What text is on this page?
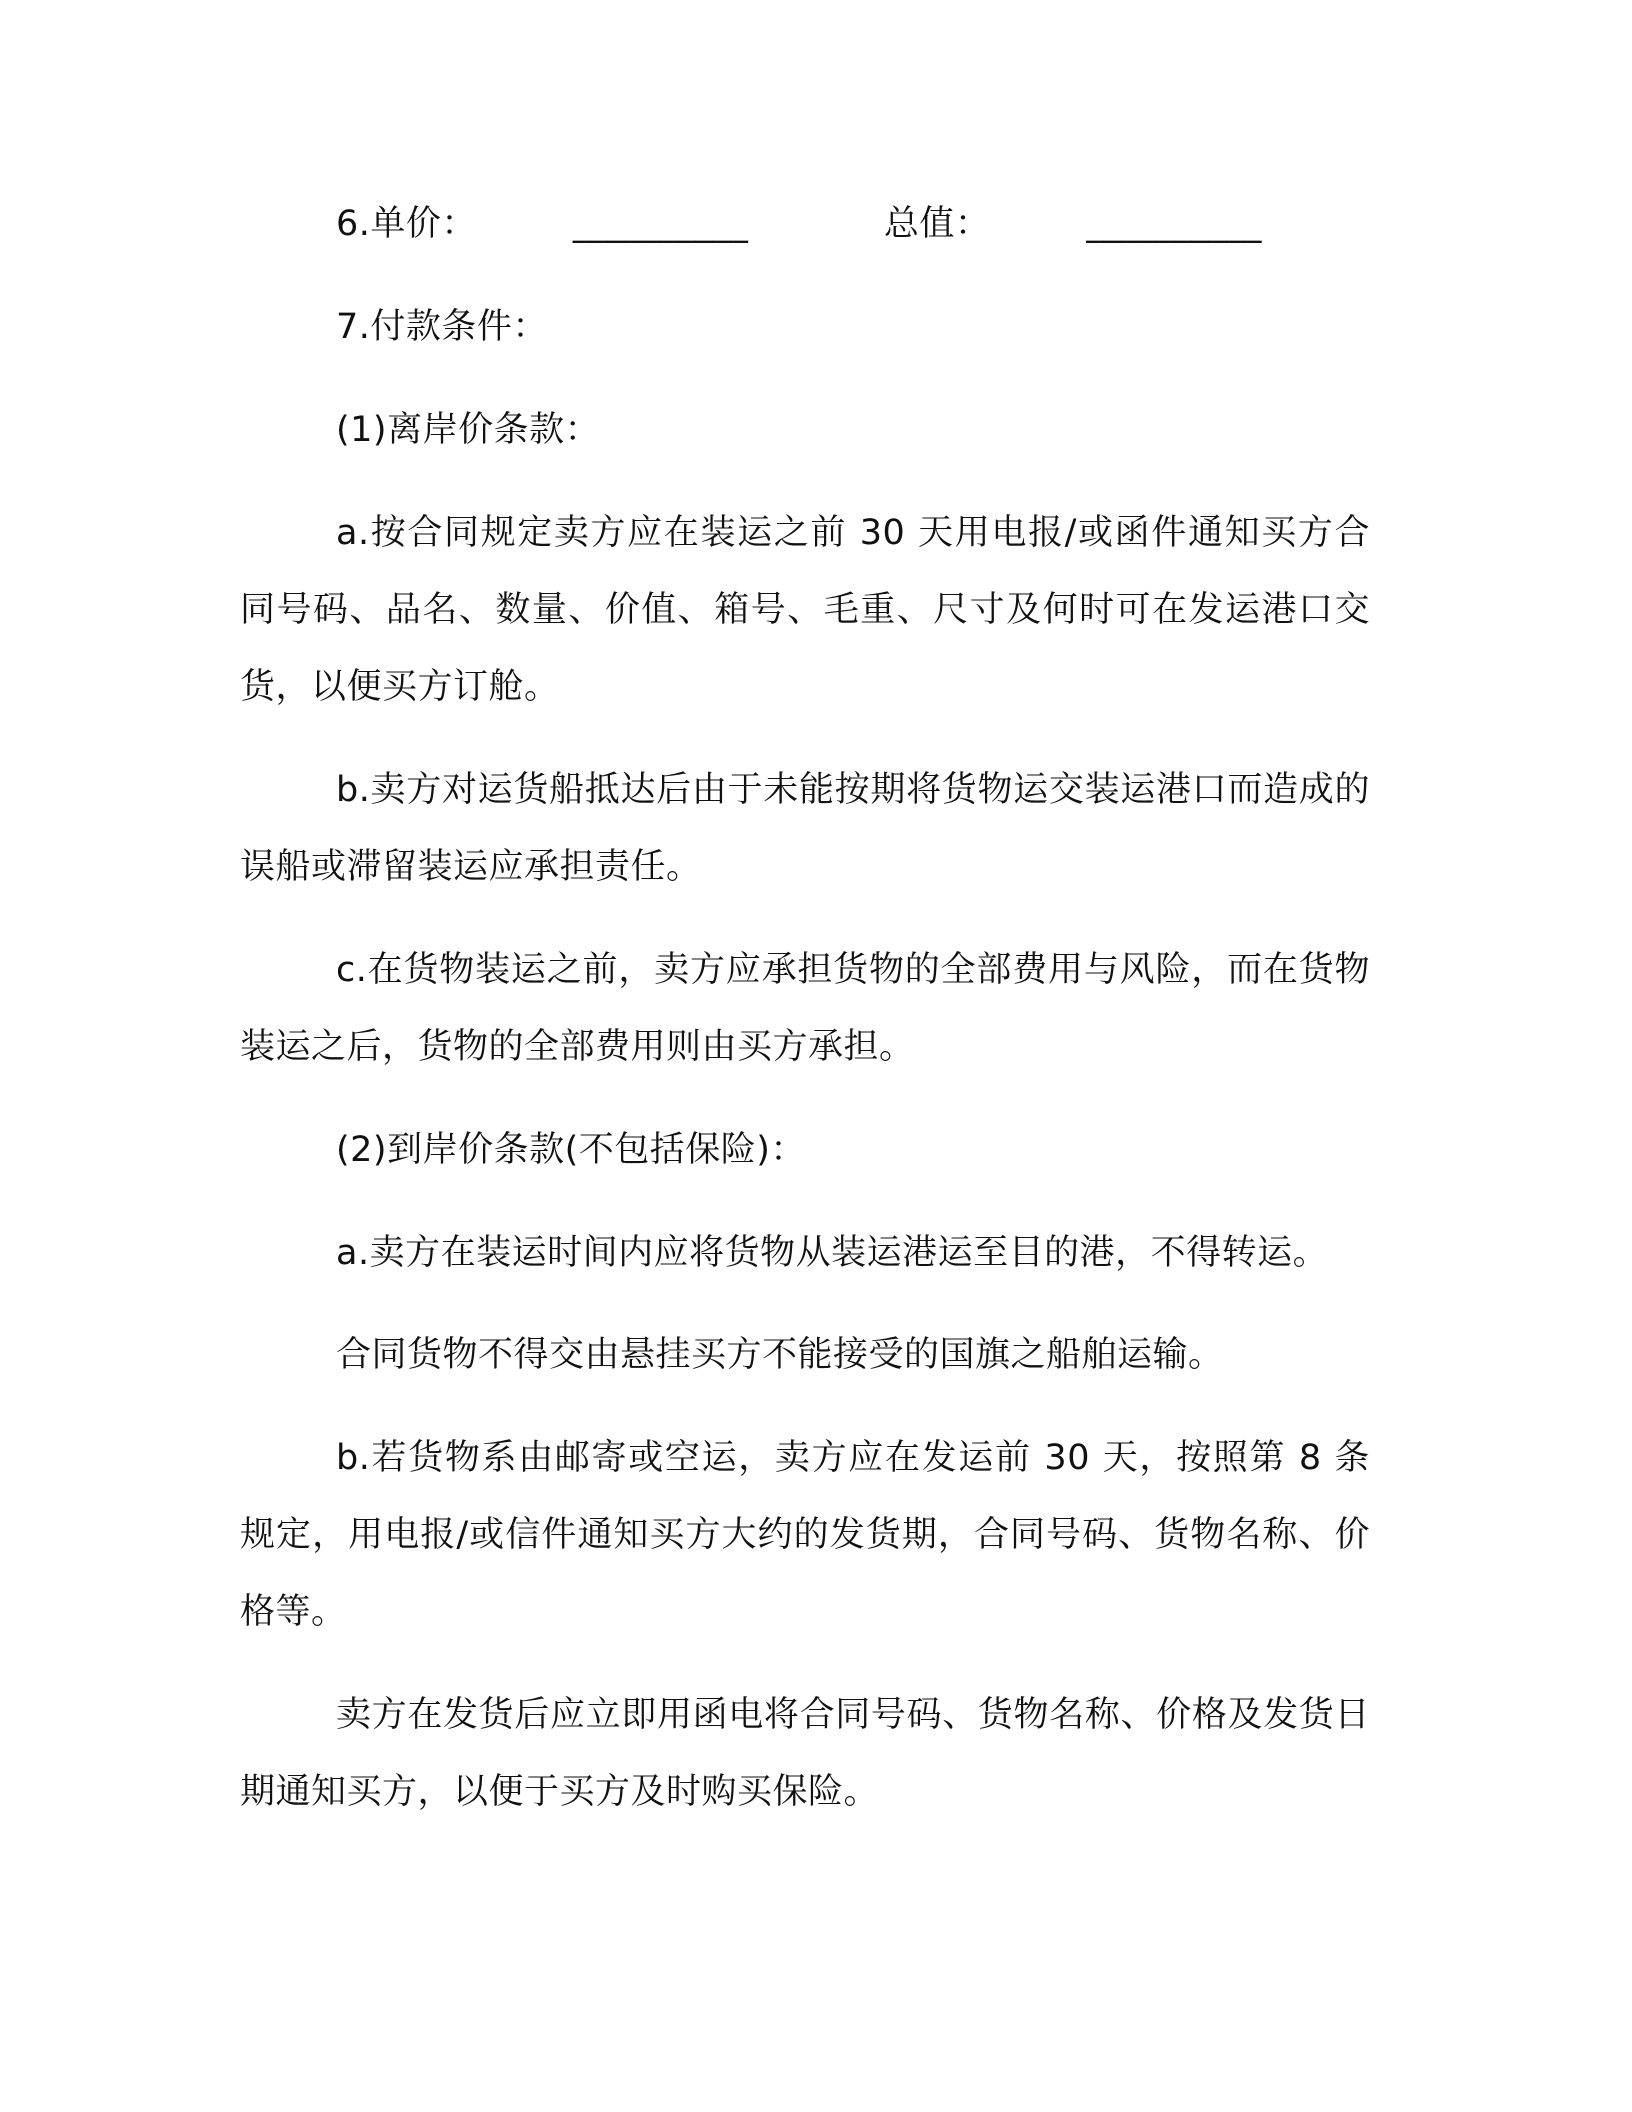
6.单价：	__________	总值：	__________

7.付款条件：

(1)离岸价条款：

a.按合同规定卖方应在装运之前 30 天用电报/或函件通知买方合同号码、品名、数量、价值、箱号、毛重、尺寸及何时可在发运港口交货，以便买方订舱。

b.卖方对运货船抵达后由于未能按期将货物运交装运港口而造成的误船或滞留装运应承担责任。

c.在货物装运之前，卖方应承担货物的全部费用与风险，而在货物装运之后，货物的全部费用则由买方承担。

(2)到岸价条款(不包括保险)：

a.卖方在装运时间内应将货物从装运港运至目的港，不得转运。

合同货物不得交由悬挂买方不能接受的国旗之船舶运输。

b.若货物系由邮寄或空运，卖方应在发运前 30 天，按照第 8 条规定，用电报/或信件通知买方大约的发货期，合同号码、货物名称、价格等。

卖方在发货后应立即用函电将合同号码、货物名称、价格及发货日期通知买方，以便于买方及时购买保险。
